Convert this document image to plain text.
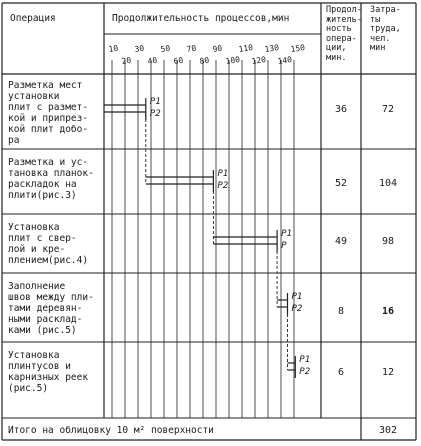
10
20
30
40
50
60
70
80
90
100
110
120
130
140
150
Р1
Р2
Р1
Р2
Р1
Р
Р1
Р2
Р1
Р2
Операция	Продолжительность процессов,мин
Продол-
житель-
ность
опера-
ции,
мин.
Затра-
ты
труда,
чел.
мин
Разметка мест
установки
плит с размет-
кой и припрез-
кой плит добо-
ра
Разметка и ус-
тановка планок-
раскладок на
плити(рис.3)
Установка
плит с свер-
лой и кре-
плением(рис.4)
Заполнение
швов между пли-
тами деревян-
ными расклад-
ками (рис.5)
Установка
плинтусов и
карнизных реек
(рис.5)
36
52
49
8
6
72
104
98
16
12
Итого на облицовку 10 м² поверхности	302
